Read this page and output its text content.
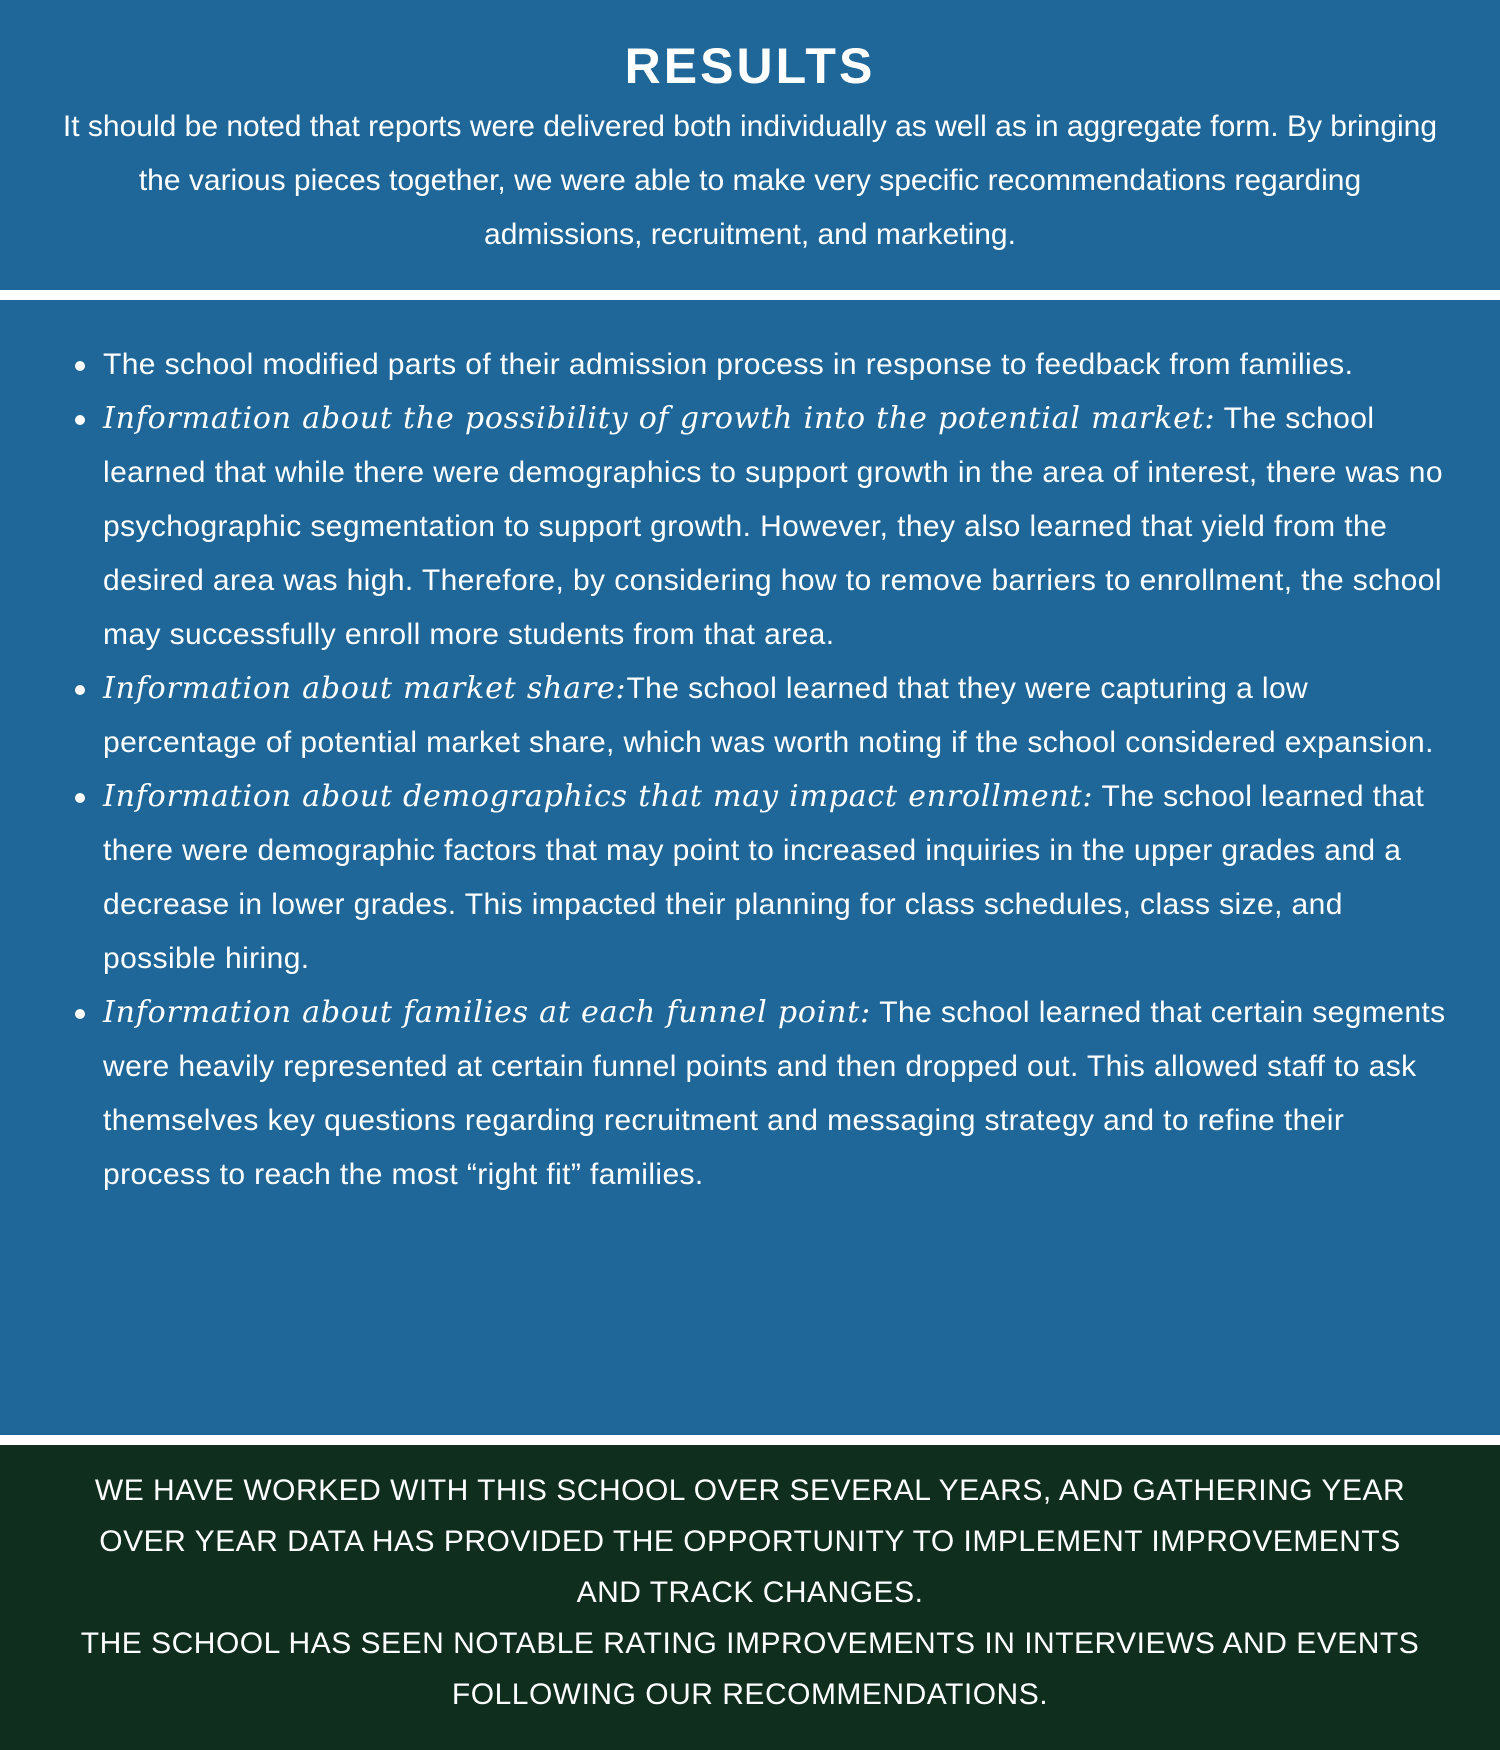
RESULTS

It should be noted that reports were delivered both individually as well as in aggregate form. By bringing the various pieces together, we were able to make very specific recommendations regarding admissions, recruitment, and marketing.

The school modified parts of their admission process in response to feedback from families.
Information about the possibility of growth into the potential market: The school learned that while there were demographics to support growth in the area of interest, there was no psychographic segmentation to support growth. However, they also learned that yield from the desired area was high. Therefore, by considering how to remove barriers to enrollment, the school may successfully enroll more students from that area.
Information about market share:The school learned that they were capturing a low percentage of potential market share, which was worth noting if the school considered expansion.
Information about demographics that may impact enrollment: The school learned that there were demographic factors that may point to increased inquiries in the upper grades and a decrease in lower grades. This impacted their planning for class schedules, class size, and possible hiring.
Information about families at each funnel point: The school learned that certain segments were heavily represented at certain funnel points and then dropped out. This allowed staff to ask themselves key questions regarding recruitment and messaging strategy and to refine their process to reach the most “right fit” families.

WE HAVE WORKED WITH THIS SCHOOL OVER SEVERAL YEARS, AND GATHERING YEAR OVER YEAR DATA HAS PROVIDED THE OPPORTUNITY TO IMPLEMENT IMPROVEMENTS AND TRACK CHANGES.

THE SCHOOL HAS SEEN NOTABLE RATING IMPROVEMENTS IN INTERVIEWS AND EVENTS FOLLOWING OUR RECOMMENDATIONS.
